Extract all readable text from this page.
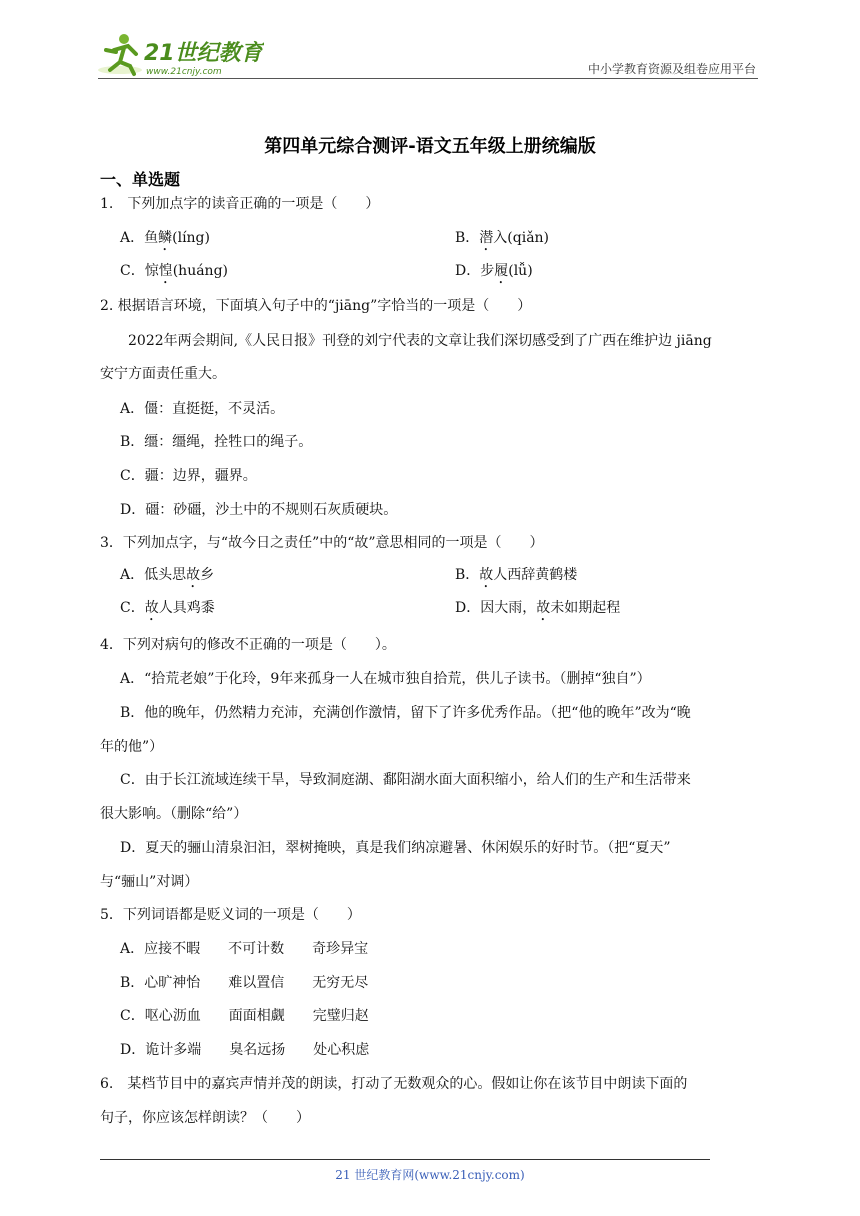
21世纪教育
www.21cnjy.com	中小学教育资源及组卷应用平台
第四单元综合测评-语文五年级上册统编版
一、单选题
1.　下列加点字的读音正确的一项是（　　）
A．鱼鳞(líng)	B．潜入(qiǎn)
C．惊惶(huáng)	D．步履(lǚ)
2. 根据语言环境，下面填入句子中的“jiāng”字恰当的一项是（　　）
2022年两会期间,《人民日报》刊登的刘宁代表的文章让我们深切感受到了广西在维护边 jiāng
安宁方面责任重大。
A．僵：直挺挺，不灵活。
B．缰：缰绳，拴牲口的绳子。
C．疆：边界，疆界。
D．礓：砂礓，沙土中的不规则石灰质硬块。
3．下列加点字，与“故今日之责任”中的“故”意思相同的一项是（　　）
A．低头思故乡	B．故人西辞黄鹤楼
C．故人具鸡黍	D．因大雨，故未如期起程
4．下列对病句的修改不正确的一项是（　　）。
A．“拾荒老娘”于化玲，9年来孤身一人在城市独自拾荒，供儿子读书。（删掉“独自”）
B．他的晚年，仍然精力充沛，充满创作激情，留下了许多优秀作品。（把“他的晚年”改为“晚
年的他”）
C．由于长江流域连续干旱，导致洞庭湖、鄱阳湖水面大面积缩小，给人们的生产和生活带来
很大影响。（删除“给”）
D．夏天的骊山清泉汩汩，翠树掩映，真是我们纳凉避暑、休闲娱乐的好时节。（把“夏天”
与“骊山”对调）
5．下列词语都是贬义词的一项是（　　）
A．应接不暇　　不可计数　　奇珍异宝
B．心旷神怡　　难以置信　　无穷无尽
C．呕心沥血　　面面相觑　　完璧归赵
D．诡计多端　　臭名远扬　　处心积虑
6.　某档节目中的嘉宾声情并茂的朗读，打动了无数观众的心。假如让你在该节目中朗读下面的
句子，你应该怎样朗读？（　　）
21 世纪教育网(www.21cnjy.com)
